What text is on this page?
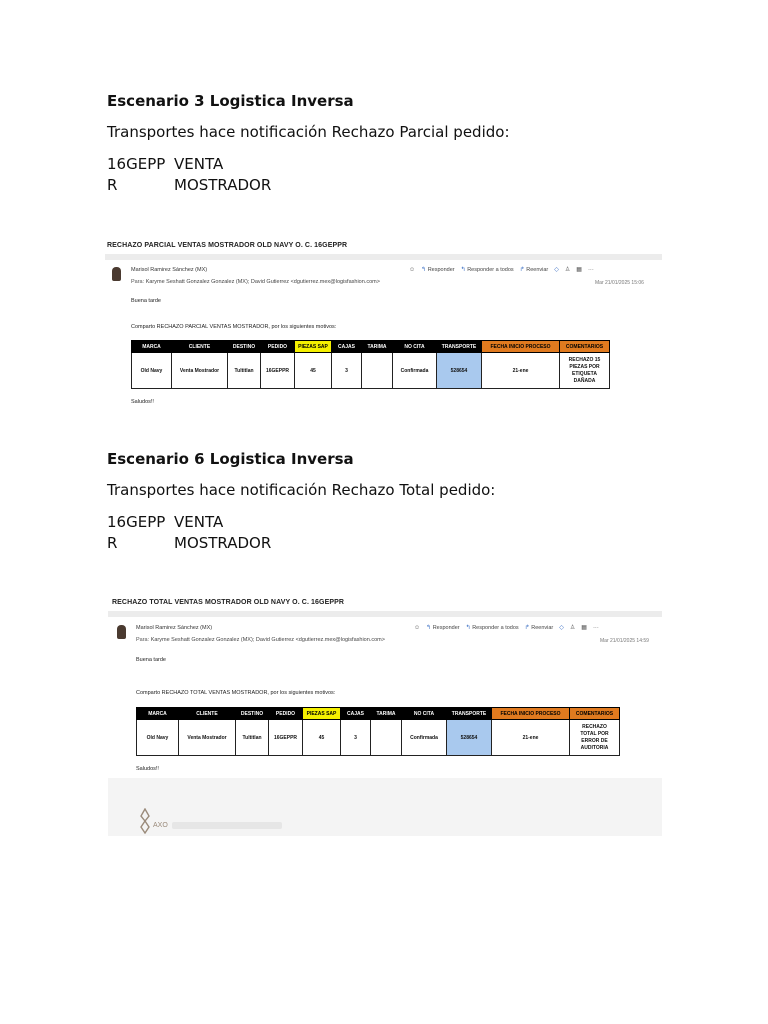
Escenario 3 Logistica Inversa
Transportes hace notificación Rechazo Parcial pedido:
16GEPP VENTA
R	MOSTRADOR
RECHAZO PARCIAL VENTAS MOSTRADOR OLD NAVY O. C. 16GEPPR
Marisol Ramirez Sánchez (MX)
Para: Karyme Seshatt Gonzalez Gonzalez (MX); David Gutierrez <dgutierrez.mex@logisfashion.com>
☺ ↰ Responder ↰ Responder a todos ↱ Reenviar ◇ ♙ ▦ ···
Mar 21/01/2025 15:06
Buena tarde
Comparto RECHAZO PARCIAL VENTAS MOSTRADOR, por los siguientes motivos:
MARCA	CLIENTE	DESTINO	PEDIDO	PIEZAS SAP	CAJAS	TARIMA	NO CITA	TRANSPORTE	FECHA INICIO PROCESO	COMENTARIOS
Old Navy	Venta Mostrador	Tultitlan	16GEPPR	45	3		Confirmada	528654	21-ene	RECHAZO 15
PIEZAS POR
ETIQUETA
DAÑADA
Saludos!!
Escenario 6 Logistica Inversa
Transportes hace notificación Rechazo Total pedido:
16GEPP VENTA
R	MOSTRADOR
RECHAZO TOTAL VENTAS MOSTRADOR OLD NAVY O. C. 16GEPPR
Marisol Ramirez Sánchez (MX)
Para: Karyme Seshatt Gonzalez Gonzalez (MX); David Gutierrez <dgutierrez.mex@logisfashion.com>
☺ ↰ Responder ↰ Responder a todos ↱ Reenviar ◇ ♙ ▦ ···
Mar 21/01/2025 14:59
Buena tarde
Comparto RECHAZO TOTAL VENTAS MOSTRADOR, por los siguientes motivos:
MARCA	CLIENTE	DESTINO	PEDIDO	PIEZAS SAP	CAJAS	TARIMA	NO CITA	TRANSPORTE	FECHA INICIO PROCESO	COMENTARIOS
Old Navy	Venta Mostrador	Tultitlan	16GEPPR	45	3		Confirmada	528654	21-ene	RECHAZO
TOTAL POR
ERROR DE
AUDITORIA
Saludos!!
AXO
